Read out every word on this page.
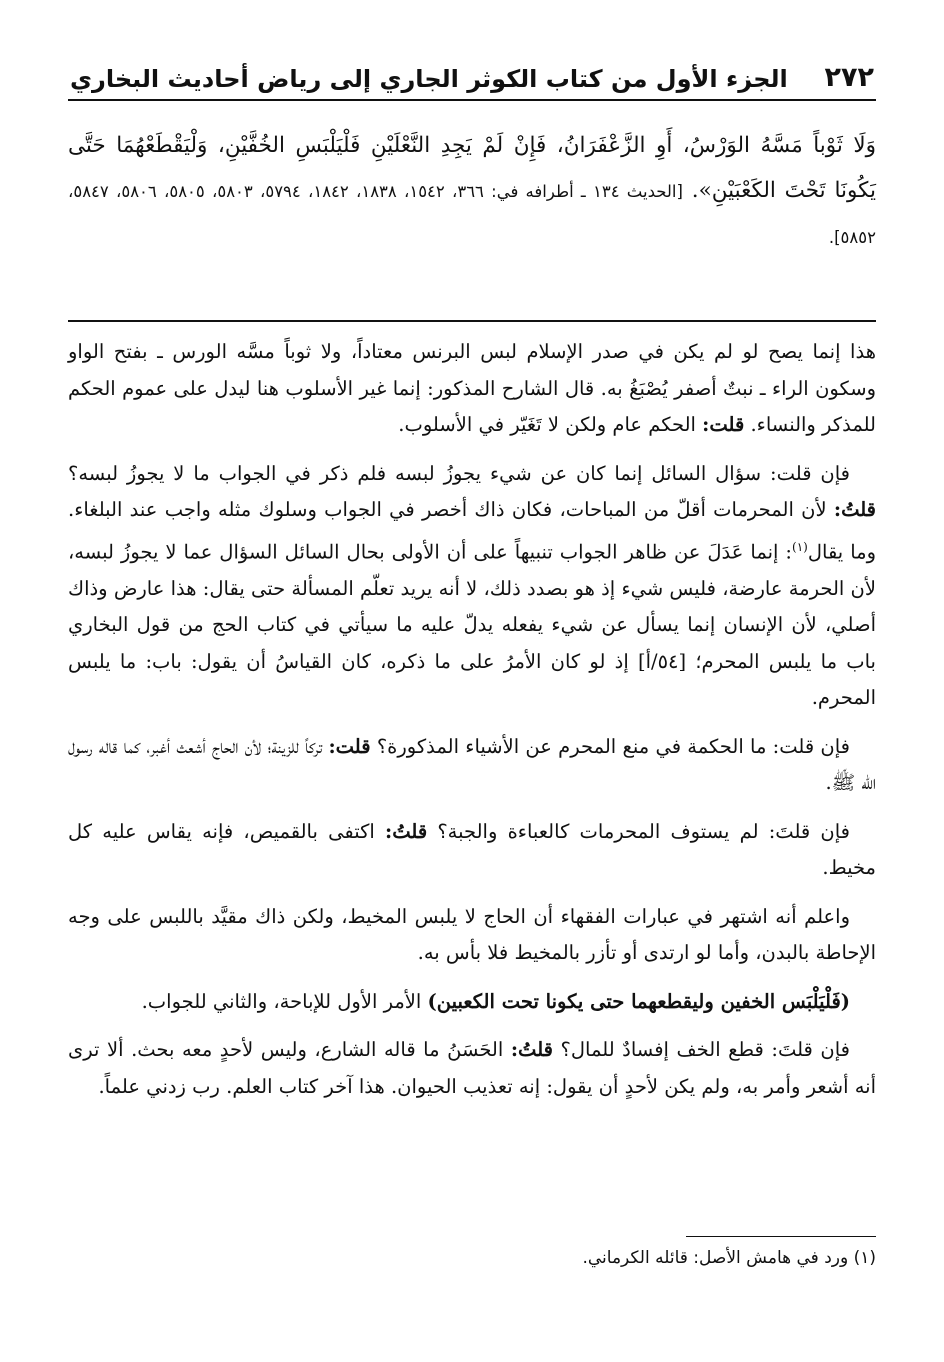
٢٧٢
الجزء الأول من كتاب الكوثر الجاري إلى رياض أحاديث البخاري
وَلَا ثَوْباً مَسَّهُ الوَرْسُ، أَوِ الزَّعْفَرَانُ، فَإِنْ لَمْ يَجِدِ النَّعْلَيْنِ فَلْيَلْبَسِ الخُفَّيْنِ، وَلْيَقْطَعْهُمَا حَتَّى يَكُونَا تَحْتَ الكَعْبَيْنِ». [الحديث ١٣٤ ـ أطرافه في: ٣٦٦، ١٥٤٢، ١٨٣٨، ١٨٤٢، ٥٧٩٤، ٥٨٠٣، ٥٨٠٥، ٥٨٠٦، ٥٨٤٧، ٥٨٥٢].

هذا إنما يصح لو لم يكن في صدر الإسلام لبس البرنس معتاداً، ولا ثوباً مسَّه الورس ـ بفتح الواو وسكون الراء ـ نبتٌ أصفر يُصْبَغُ به. قال الشارح المذكور: إنما غير الأسلوب هنا ليدل على عموم الحكم للمذكر والنساء. قلت: الحكم عام ولكن لا تَغَيّر في الأسلوب.

فإن قلت: سؤال السائل إنما كان عن شيء يجوزُ لبسه فلم ذكر في الجواب ما لا يجوزُ لبسه؟ قلتُ: لأن المحرمات أقلّ من المباحات، فكان ذاك أخصر في الجواب وسلوك مثله واجب عند البلغاء. وما يقال$^{(١)}$: إنما عَدَلَ عن ظاهر الجواب تنبيهاً على أن الأولى بحال السائل السؤال عما لا يجوزُ لبسه، لأن الحرمة عارضة، فليس شيء إذ هو بصدد ذلك، لا أنه يريد تعلّم المسألة حتى يقال: هذا عارض وذاك أصلي، لأن الإنسان إنما يسأل عن شيء يفعله يدلّ عليه ما سيأتي في كتاب الحج من قول البخاري باب ما يلبس المحرم؛ [٥٤/أ] إذ لو كان الأمرُ على ما ذكره، كان القياسُ أن يقول: باب: ما يلبس المحرم.

فإن قلت: ما الحكمة في منع المحرم عن الأشياء المذكورة؟ قلت: تركاً للزينة؛ لأن الحاج أشعث أغبر، كما قاله رسول الله ﷺ.

فإن قلتَ: لم يستوف المحرمات كالعباءة والجبة؟ قلتُ: اكتفى بالقميص، فإنه يقاس عليه كل مخيط.

واعلم أنه اشتهر في عبارات الفقهاء أن الحاج لا يلبس المخيط، ولكن ذاك مقيَّد باللبس على وجه الإحاطة بالبدن، وأما لو ارتدى أو تأزر بالمخيط فلا بأس به.

(فَلْيَلْبَس الخفين وليقطعهما حتى يكونا تحت الكعبين) الأمر الأول للإباحة، والثاني للجواب.

فإن قلتَ: قطع الخف إفسادٌ للمال؟ قلتُ: الحَسَنُ ما قاله الشارع، وليس لأحدٍ معه بحث. ألا ترى أنه أشعر وأمر به، ولم يكن لأحدٍ أن يقول: إنه تعذيب الحيوان. هذا آخر كتاب العلم. رب زدني علماً.

(١) ورد في هامش الأصل: قائله الكرماني.
